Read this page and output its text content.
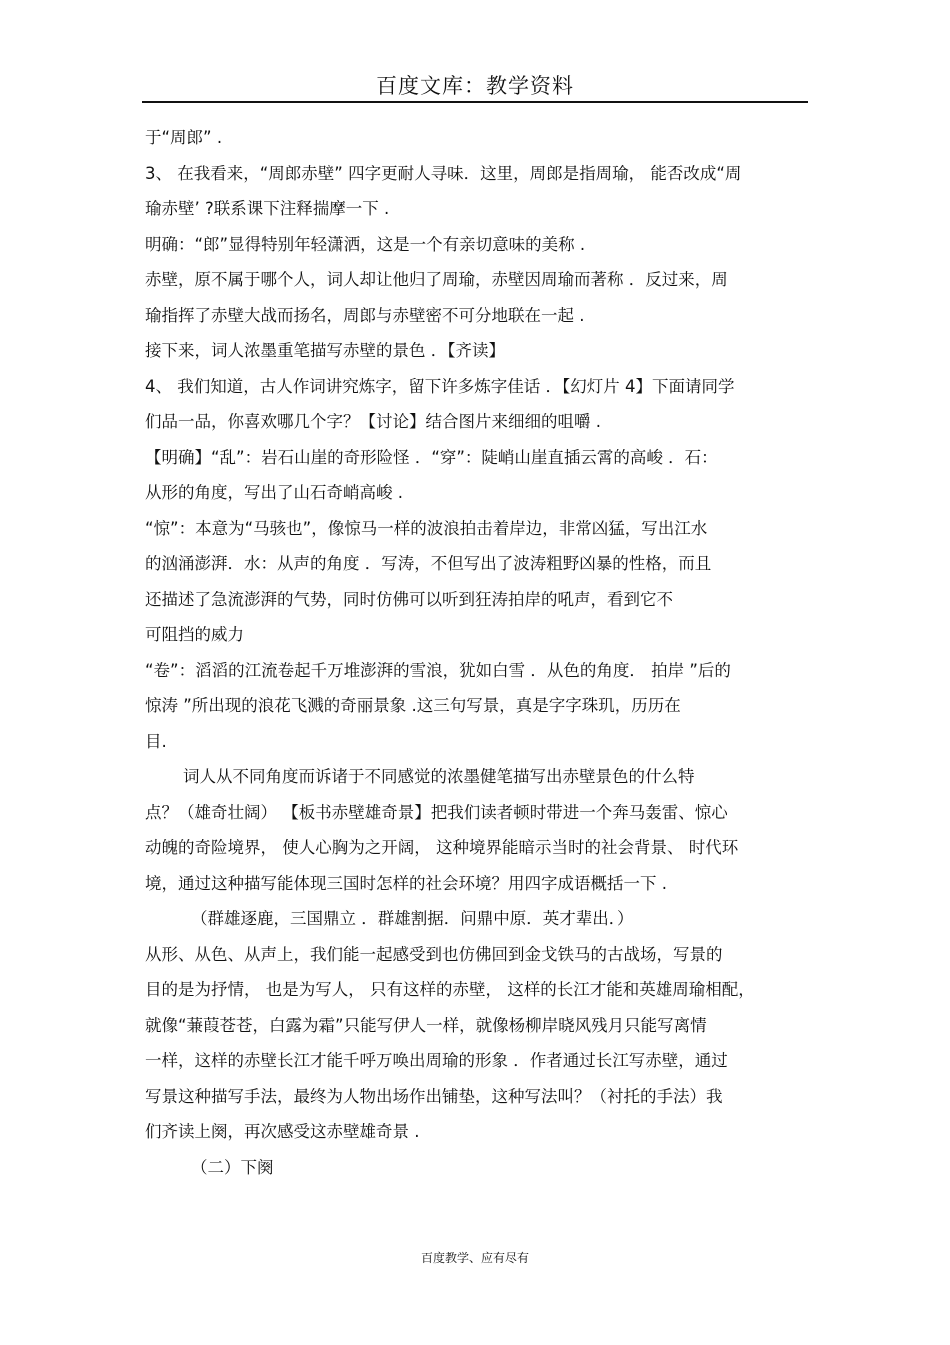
百度文库：教学资料
于“周郎” .
3、 在我看来，“周郎赤壁” 四字更耐人寻味．这里，周郎是指周瑜， 能否改成“周
瑜赤壁’ ?联系课下注释揣摩一下 .
明确：“郎”显得特别年轻潇洒，这是一个有亲切意味的美称 .
赤壁，原不属于哪个人，词人却让他归了周瑜，赤壁因周瑜而著称 ．反过来，周
瑜指挥了赤壁大战而扬名，周郎与赤壁密不可分地联在一起 .
接下来，词人浓墨重笔描写赤壁的景色 ．【齐读】
4、 我们知道，古人作词讲究炼字，留下许多炼字佳话 ．【幻灯片 4】下面请同学
们品一品，你喜欢哪几个字？【讨论】结合图片来细细的咀嚼 .
【明确】“乱”：岩石山崖的奇形险怪 ．“穿”：陡峭山崖直插云霄的高峻 ．石：
从形的角度，写出了山石奇峭高峻 .
“惊”：本意为“马骇也”，像惊马一样的波浪拍击着岸边，非常凶猛，写出江水
的汹涌澎湃．水：从声的角度 ．写涛，不但写出了波涛粗野凶暴的性格，而且
还描述了急流澎湃的气势，同时仿佛可以听到狂涛拍岸的吼声，看到它不
可阻挡的威力
“卷”：滔滔的江流卷起千万堆澎湃的雪浪，犹如白雪 ．从色的角度． 拍岸 ”后的
惊涛 ”所出现的浪花飞溅的奇丽景象 .这三句写景，真是字字珠玑，历历在
目.
词人从不同角度而诉诸于不同感觉的浓墨健笔描写出赤壁景色的什么特
点？（雄奇壮阔） 【板书赤壁雄奇景】把我们读者顿时带进一个奔马轰雷、惊心
动魄的奇险境界， 使人心胸为之开阔， 这种境界能暗示当时的社会背景、 时代环
境，通过这种描写能体现三国时怎样的社会环境？用四字成语概括一下 .
（群雄逐鹿，三国鼎立 ．群雄割据．问鼎中原．英才辈出．）
从形、从色、从声上，我们能一起感受到也仿佛回到金戈铁马的古战场，写景的
目的是为抒情， 也是为写人， 只有这样的赤壁， 这样的长江才能和英雄周瑜相配，
就像“蒹葭苍苍，白露为霜”只能写伊人一样，就像杨柳岸晓风残月只能写离情
一样，这样的赤壁长江才能千呼万唤出周瑜的形象 ．作者通过长江写赤壁，通过
写景这种描写手法，最终为人物出场作出铺垫，这种写法叫？（衬托的手法）我
们齐读上阕，再次感受这赤壁雄奇景 .
（二）下阕
百度教学、应有尽有
